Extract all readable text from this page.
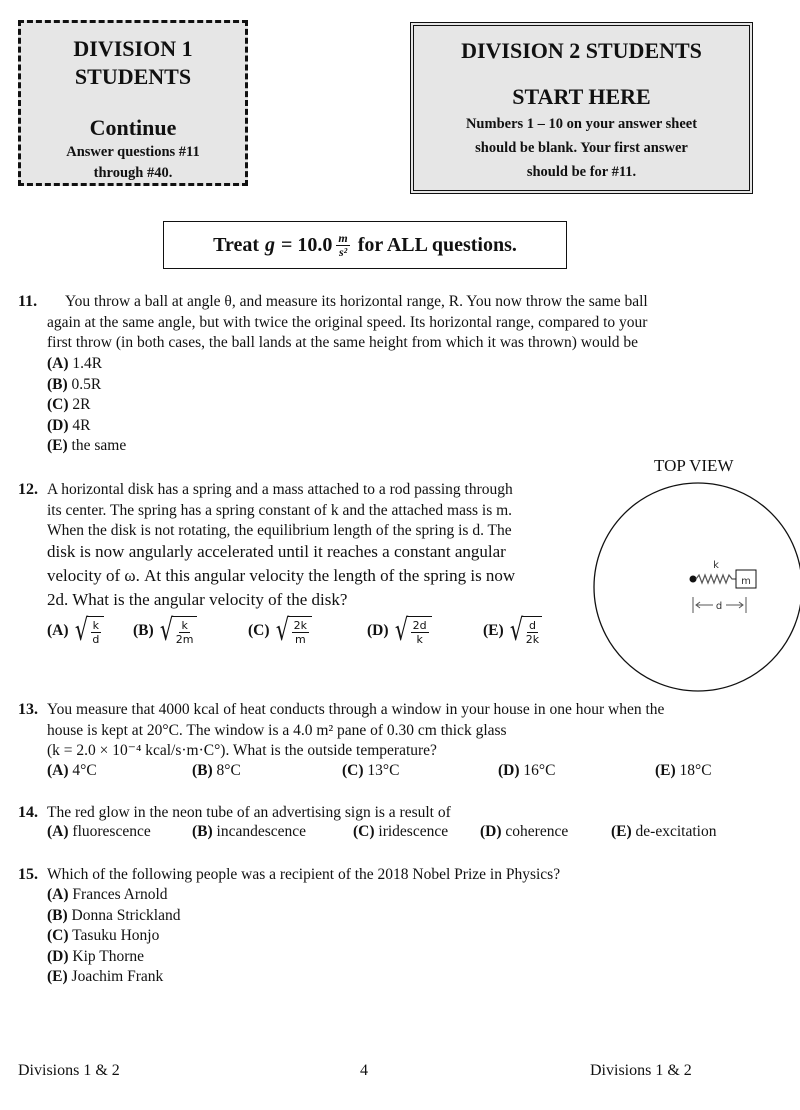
DIVISION 1
STUDENTS
Continue
Answer questions #11
through #40.
DIVISION 2 STUDENTS
START HERE
Numbers 1 – 10 on your answer sheet
should be blank. Your first answer
should be for #11.
Treat $g = 10.0 \frac{m}{\text{s²}}$ for ALL questions.
11. You throw a ball at angle θ, and measure its horizontal range, R. You now throw the same ball
again at the same angle, but with twice the original speed. Its horizontal range, compared to your
first throw (in both cases, the ball lands at the same height from which it was thrown) would be
(A) 1.4R
(B) 0.5R
(C) 2R
(D) 4R
(E) the same
12. A horizontal disk has a spring and a mass attached to a rod passing through
its center. The spring has a spring constant of k and the attached mass is m.
When the disk is not rotating, the equilibrium length of the spring is d. The
disk is now angularly accelerated until it reaches a constant angular
velocity of ω. At this angular velocity the length of the spring is now
2d. What is the angular velocity of the disk?
(A) √ $\frac{k}{d} (B)$ √ $\frac{k}{2m}$	(C) √ $\frac{2k}{m}$	(D) √ $\frac{2d}{k}$	(E) √ $\frac{d}{2k}$
TOP VIEW
m
k
d
13. You measure that 4000 kcal of heat conducts through a window in your house in one hour when the
house is kept at 20°C. The window is a 4.0 m² pane of 0.30 cm thick glass
(k = 2.0 × 10⁻⁴ kcal/s·m·C°). What is the outside temperature?
(A) 4°C	(B) 8°C	(C) 13°C	(D) 16°C	(E) 18°C
14. The red glow in the neon tube of an advertising sign is a result of
(A) fluorescence	(B) incandescence	(C) iridescence (D) coherence	(E) de-excitation
15. Which of the following people was a recipient of the 2018 Nobel Prize in Physics?
(A) Frances Arnold
(B) Donna Strickland
(C) Tasuku Honjo
(D) Kip Thorne
(E) Joachim Frank
Divisions 1 & 2	4	Divisions 1 & 2
